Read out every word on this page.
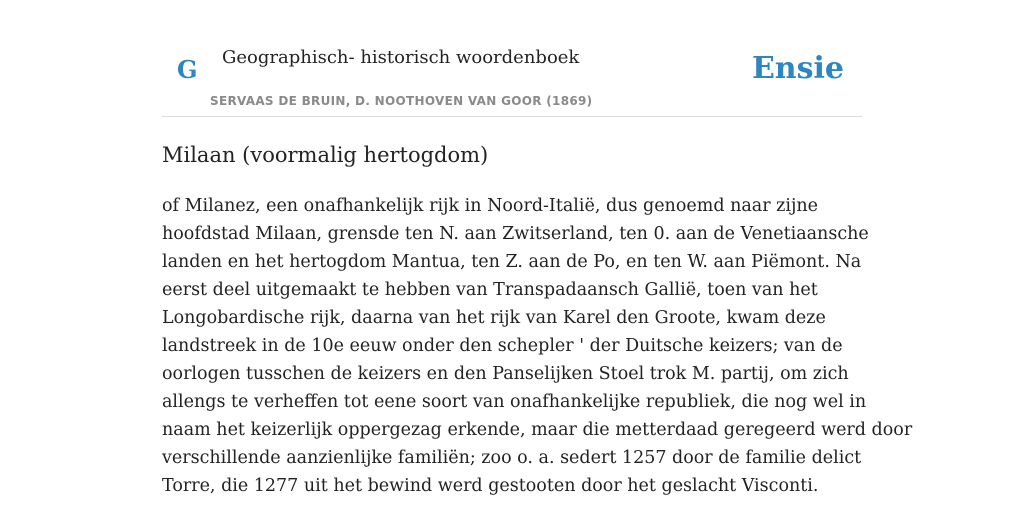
G Geographisch- historisch woordenboek
SERVAAS DE BRUIN, D. NOOTHOVEN VAN GOOR (1869)
Ensie
Milaan (voormalig hertogdom)

of Milanez, een onafhankelijk rijk in Noord-Italië, dus genoemd naar zijne
hoofdstad Milaan, grensde ten N. aan Zwitserland, ten 0. aan de Venetiaansche
landen en het hertogdom Mantua, ten Z. aan de Po, en ten W. aan Piëmont. Na
eerst deel uitgemaakt te hebben van Transpadaansch Gallië, toen van het
Longobardische rijk, daarna van het rijk van Karel den Groote, kwam deze
landstreek in de 10e eeuw onder den schepler ' der Duitsche keizers; van de
oorlogen tusschen de keizers en den Panselijken Stoel trok M. partij, om zich
allengs te verheffen tot eene soort van onafhankelijke republiek, die nog wel in
naam het keizerlijk oppergezag erkende, maar die metterdaad geregeerd werd door
verschillende aanzienlijke familiën; zoo o. a. sedert 1257 door de familie delict
Torre, die 1277 uit het bewind werd gestooten door het geslacht Visconti.
